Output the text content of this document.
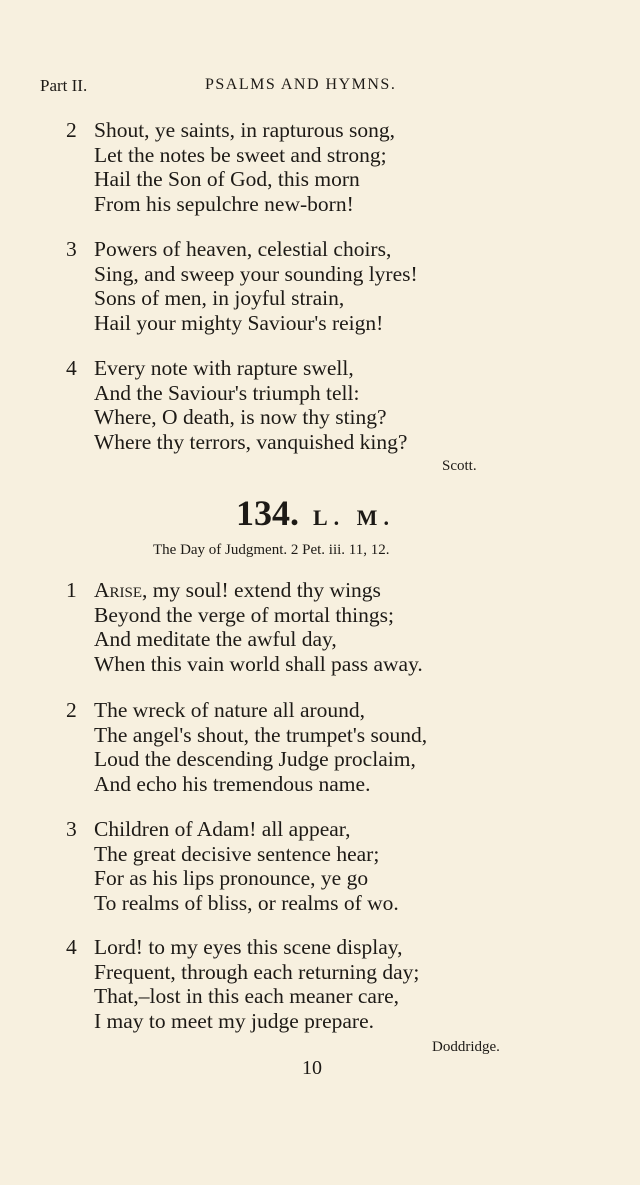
Part II.	PSALMS AND HYMNS.
2 Shout, ye saints, in rapturous song,
Let the notes be sweet and strong;
Hail the Son of God, this morn
From his sepulchre new-born!
3 Powers of heaven, celestial choirs,
Sing, and sweep your sounding lyres!
Sons of men, in joyful strain,
Hail your mighty Saviour's reign!
4 Every note with rapture swell,
And the Saviour's triumph tell:
Where, O death, is now thy sting?
Where thy terrors, vanquished king?
Scott.
134. L. M.
The Day of Judgment. 2 Pet. iii. 11, 12.
1 Arise, my soul! extend thy wings
Beyond the verge of mortal things;
And meditate the awful day,
When this vain world shall pass away.
2 The wreck of nature all around,
The angel's shout, the trumpet's sound,
Loud the descending Judge proclaim,
And echo his tremendous name.
3 Children of Adam! all appear,
The great decisive sentence hear;
For as his lips pronounce, ye go
To realms of bliss, or realms of wo.
4 Lord! to my eyes this scene display,
Frequent, through each returning day;
That,–lost in this each meaner care,
I may to meet my judge prepare.
Doddridge.
10
